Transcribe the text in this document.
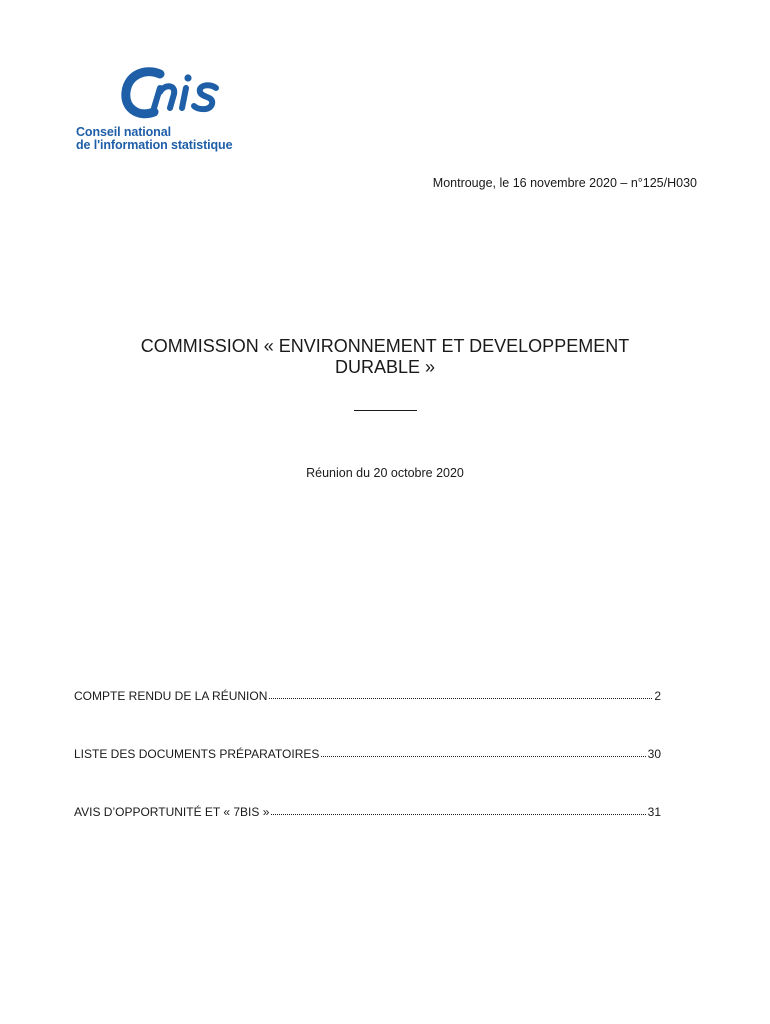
Conseil national
de l'information statistique
Montrouge, le 16 novembre 2020 – n°125/H030
COMMISSION « ENVIRONNEMENT ET DEVELOPPEMENT
DURABLE »
Réunion du 20 octobre 2020
COMPTE RENDU DE LA RÉUNION	2
LISTE DES DOCUMENTS PRÉPARATOIRES	30
AVIS D’OPPORTUNITÉ ET « 7BIS »	31
